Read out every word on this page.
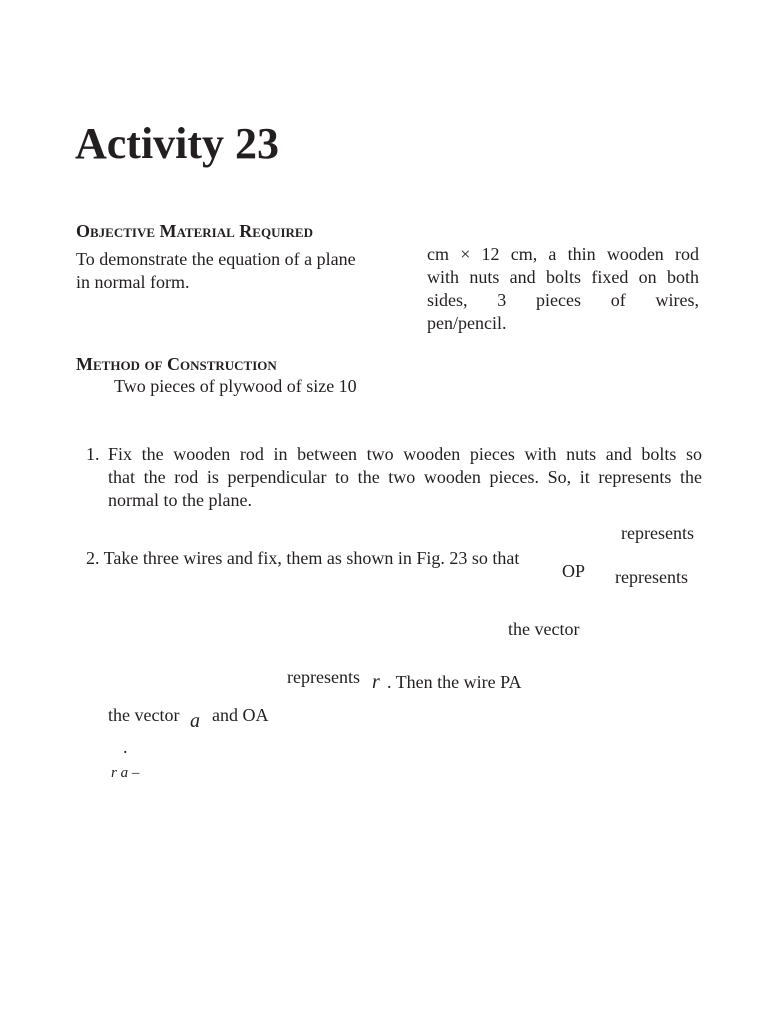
Activity 23
Objective Material Required
To demonstrate the equation of a plane
in normal form.
cm × 12 cm, a thin wooden rod
with nuts and bolts fixed on both
sides, 3 pieces of wires,
pen/pencil.
Method of Construction
Two pieces of plywood of size 10
1. Fix the wooden rod in between two wooden pieces with nuts and bolts so
that the rod is perpendicular to the two wooden pieces. So, it represents the
normal to the plane.
represents
2. Take three wires and fix, them as shown in Fig. 23 so that
OP represents
the vector
represents r . Then the wire PA
the vector a and OA
.
r a –
